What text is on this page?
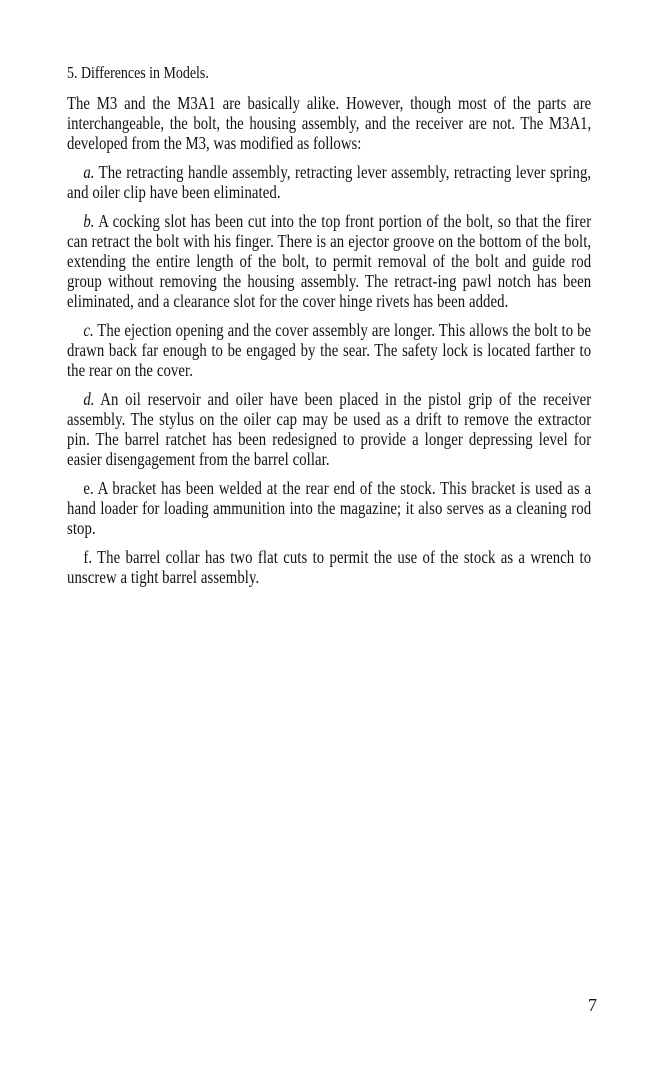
5. Differences in Models.

The M3 and the M3A1 are basically alike. However, though most of the parts are interchangeable, the bolt, the housing assembly, and the receiver are not. The M3A1, developed from the M3, was modified as follows:

a. The retracting handle assembly, retracting lever assembly, retracting lever spring, and oiler clip have been eliminated.

b. A cocking slot has been cut into the top front portion of the bolt, so that the firer can retract the bolt with his finger. There is an ejector groove on the bottom of the bolt, extending the entire length of the bolt, to permit removal of the bolt and guide rod group without removing the housing assembly. The retract-ing pawl notch has been eliminated, and a clearance slot for the cover hinge rivets has been added.

c. The ejection opening and the cover assembly are longer. This allows the bolt to be drawn back far enough to be engaged by the sear. The safety lock is located farther to the rear on the cover.

d. An oil reservoir and oiler have been placed in the pistol grip of the receiver assembly. The stylus on the oiler cap may be used as a drift to remove the extractor pin. The barrel ratchet has been redesigned to provide a longer depressing level for easier disengagement from the barrel collar.

e. A bracket has been welded at the rear end of the stock. This bracket is used as a hand loader for loading ammunition into the magazine; it also serves as a cleaning rod stop.

f. The barrel collar has two flat cuts to permit the use of the stock as a wrench to unscrew a tight barrel assembly.

7
